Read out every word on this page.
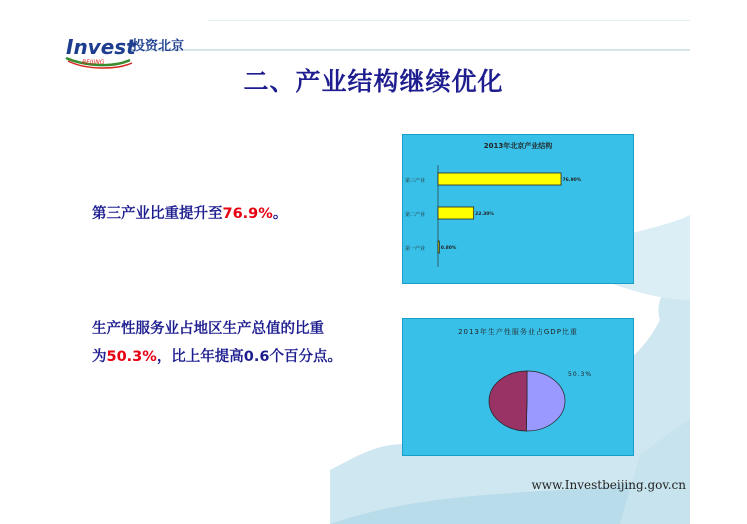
Invest
投资北京
BEIJING
二、产业结构继续优化
第三产业比重提升至76.9%。
生产性服务业占地区生产总值的比重
为50.3%，比上年提高0.6个百分点。
2013年北京产业结构
第三产业	76.90%
第二产业	22.30%
第一产业	0.80%
2013年生产性服务业占GDP比重
50.3%
www.Investbeijing.gov.cn
